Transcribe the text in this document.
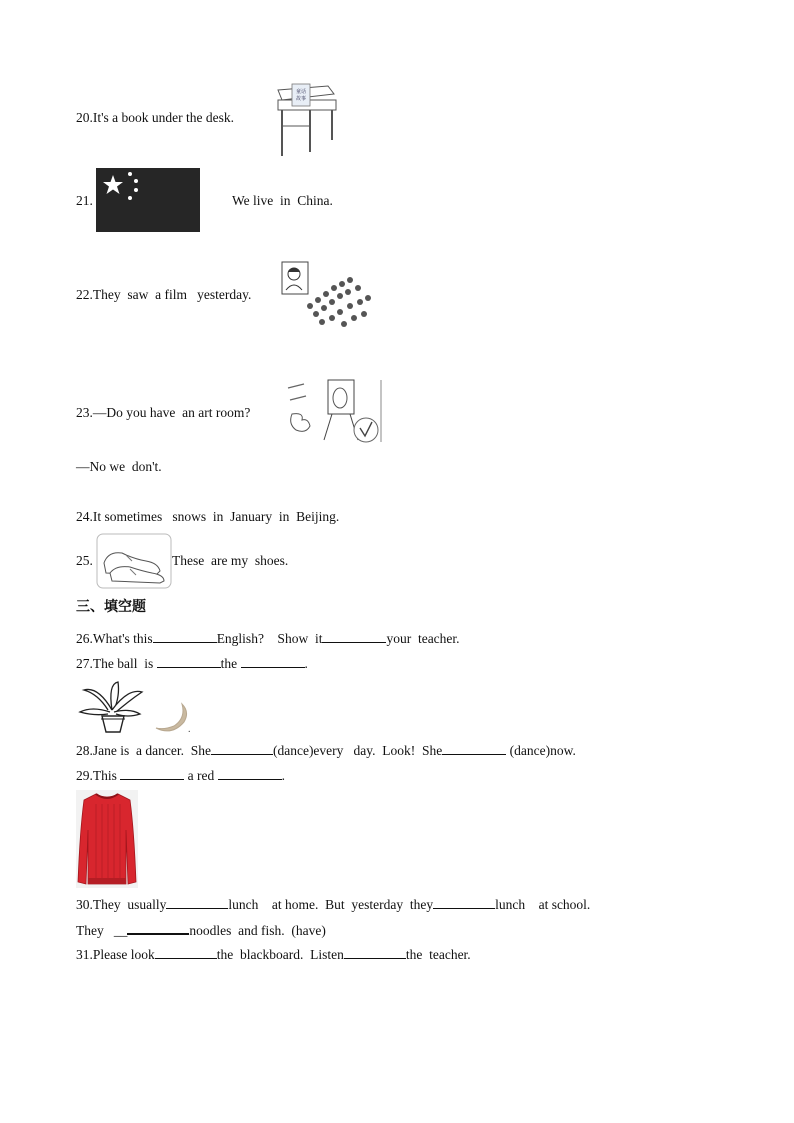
20.It's a book under the desk.
童话
故事
21.	We live  in  China.
22.They  saw  a film   yesterday.
23.—Do you have  an art room?
—No we  don't.
24.It sometimes   snows  in  January  in  Beijing.
25.	These  are my  shoes.
三、填空题
26.What's this	English?    Show  it	your  teacher.
27.The ball  is	the	.
.
28.Jane is  a dancer.  She	(dance)every   day.  Look!  She	(dance)now.
29.This	a red	.
30.They  usually	lunch    at home.  But  yesterday  they	lunch    at school.
They   __	noodles  and fish.  (have)
31.Please look	the  blackboard.  Listen	the  teacher.
